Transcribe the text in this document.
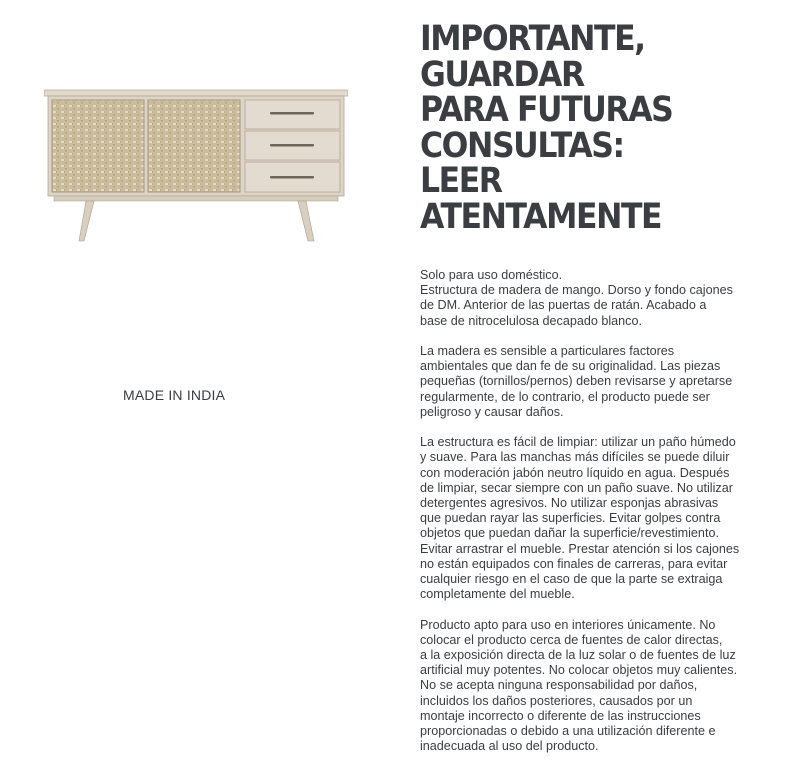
MADE IN INDIA
IMPORTANTE,
GUARDAR
PARA FUTURAS
CONSULTAS:
LEER
ATENTAMENTE

Solo para uso doméstico.
Estructura de madera de mango. Dorso y fondo cajones
de DM. Anterior de las puertas de ratán. Acabado a
base de nitrocelulosa decapado blanco.

La madera es sensible a particulares factores
ambientales que dan fe de su originalidad. Las piezas
pequeñas (tornillos/pernos) deben revisarse y apretarse
regularmente, de lo contrario, el producto puede ser
peligroso y causar daños.

La estructura es fácil de limpiar: utilizar un paño húmedo
y suave. Para las manchas más difíciles se puede diluir
con moderación jabón neutro líquido en agua. Después
de limpiar, secar siempre con un paño suave. No utilizar
detergentes agresivos. No utilizar esponjas abrasivas
que puedan rayar las superficies. Evitar golpes contra
objetos que puedan dañar la superficie/revestimiento.
Evitar arrastrar el mueble. Prestar atención si los cajones
no están equipados con finales de carreras, para evitar
cualquier riesgo en el caso de que la parte se extraiga
completamente del mueble.

Producto apto para uso en interiores únicamente. No
colocar el producto cerca de fuentes de calor directas,
a la exposición directa de la luz solar o de fuentes de luz
artificial muy potentes. No colocar objetos muy calientes.
No se acepta ninguna responsabilidad por daños,
incluidos los daños posteriores, causados por un
montaje incorrecto o diferente de las instrucciones
proporcionadas o debido a una utilización diferente e
inadecuada al uso del producto.
